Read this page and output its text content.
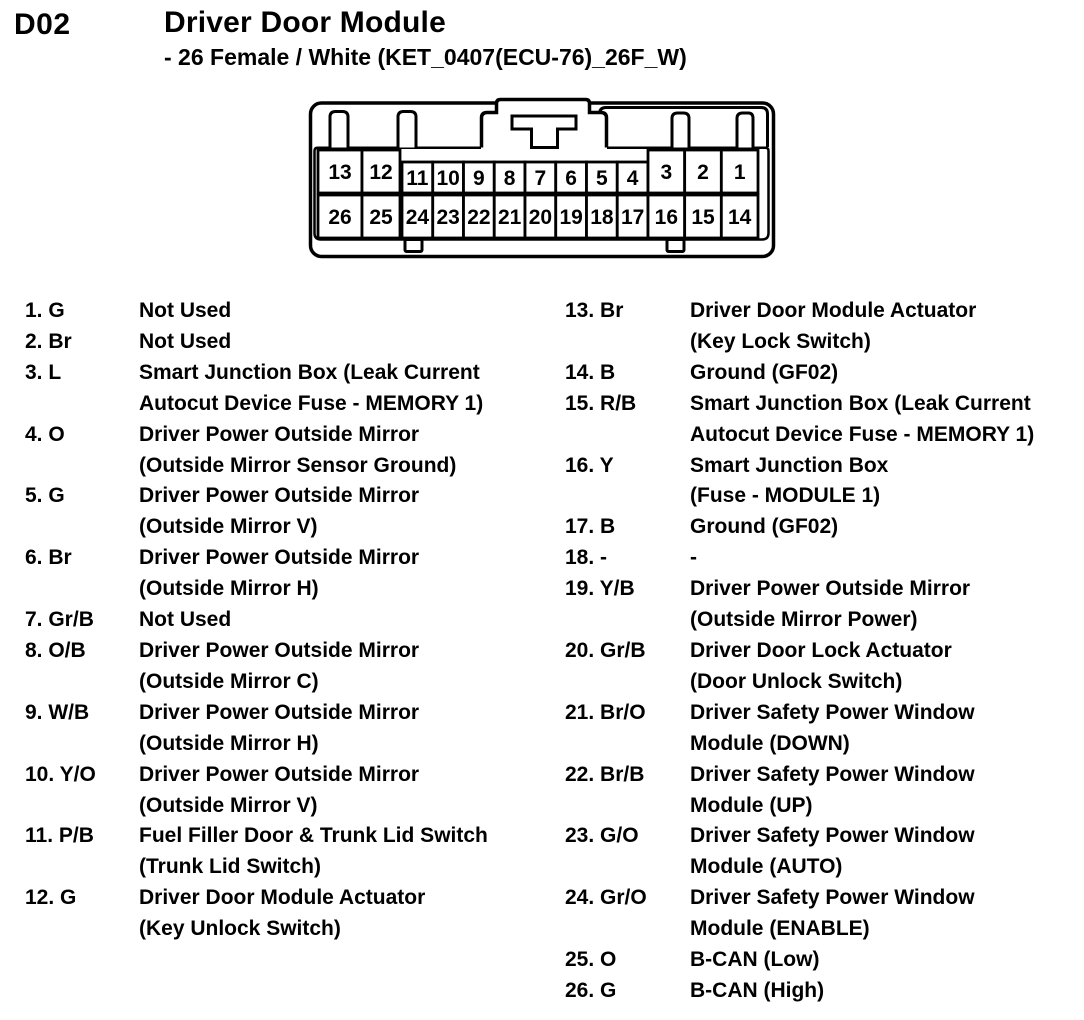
D02	Driver Door Module
- 26 Female / White (KET_0407(ECU-76)_26F_W)
13 12 11 10 9 8 7 6 5 4 3 2 1
26 25 24 23 22 21 20 19 18 17 16 15 14
1. G	Not Used
2. Br	Not Used
3. L	Smart Junction Box (Leak Current
Autocut Device Fuse - MEMORY 1)
4. O	Driver Power Outside Mirror
(Outside Mirror Sensor Ground)
5. G	Driver Power Outside Mirror
(Outside Mirror V)
6. Br	Driver Power Outside Mirror
(Outside Mirror H)
7. Gr/B	Not Used
8. O/B	Driver Power Outside Mirror
(Outside Mirror C)
9. W/B	Driver Power Outside Mirror
(Outside Mirror H)
10. Y/O	Driver Power Outside Mirror
(Outside Mirror V)
11. P/B	Fuel Filler Door & Trunk Lid Switch
(Trunk Lid Switch)
12. G	Driver Door Module Actuator
(Key Unlock Switch)
13. Br	Driver Door Module Actuator
(Key Lock Switch)
14. B	Ground (GF02)
15. R/B	Smart Junction Box (Leak Current
Autocut Device Fuse - MEMORY 1)
16. Y	Smart Junction Box
(Fuse - MODULE 1)
17. B	Ground (GF02)
18. -	-
19. Y/B	Driver Power Outside Mirror
(Outside Mirror Power)
20. Gr/B	Driver Door Lock Actuator
(Door Unlock Switch)
21. Br/O	Driver Safety Power Window
Module (DOWN)
22. Br/B	Driver Safety Power Window
Module (UP)
23. G/O	Driver Safety Power Window
Module (AUTO)
24. Gr/O	Driver Safety Power Window
Module (ENABLE)
25. O	B-CAN (Low)
26. G	B-CAN (High)
